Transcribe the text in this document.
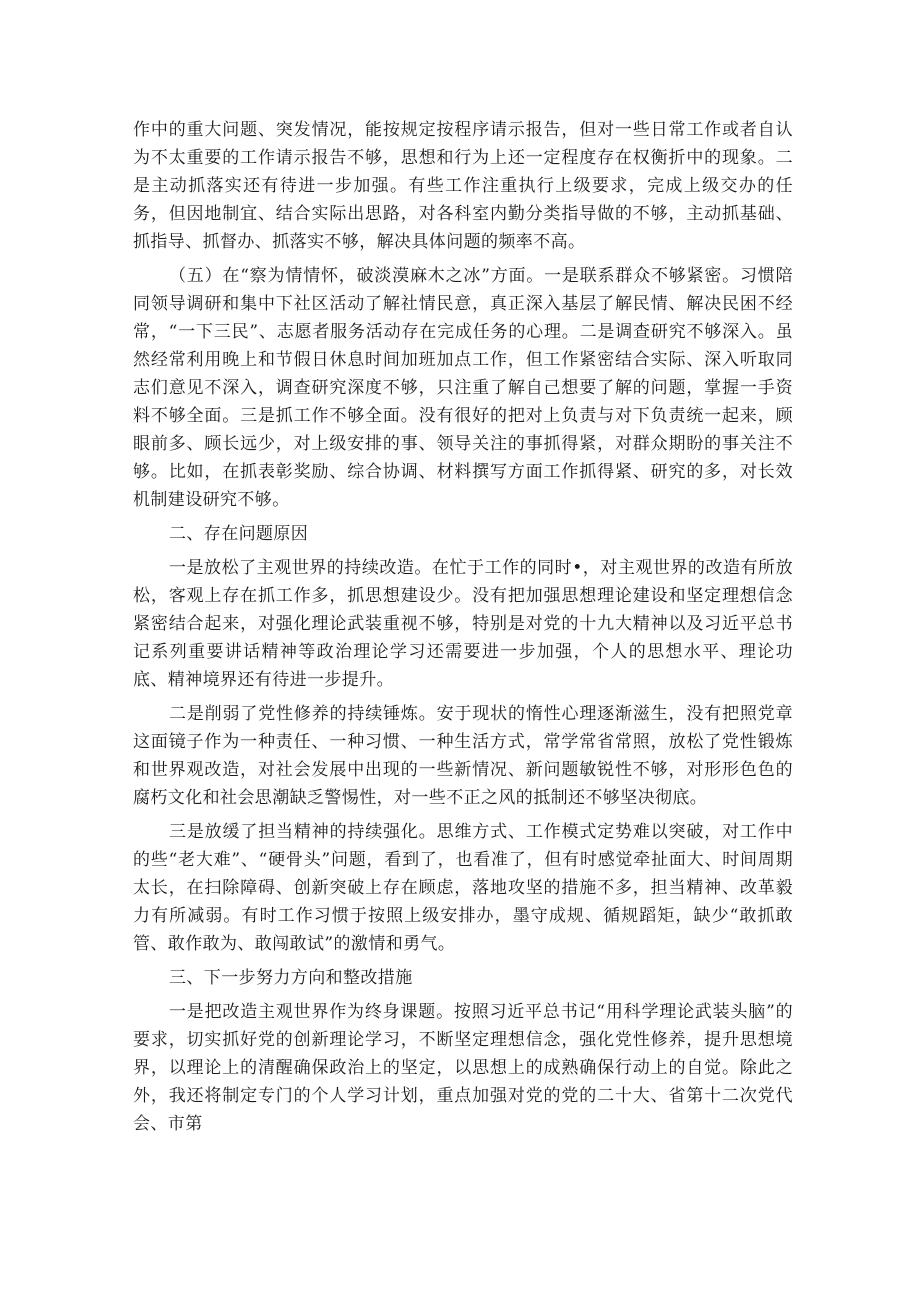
作中的重大问题、突发情况，能按规定按程序请示报告，但对一些日常工作或者自认为不太重要的工作请示报告不够，思想和行为上还一定程度存在权衡折中的现象。二是主动抓落实还有待进一步加强。有些工作注重执行上级要求，完成上级交办的任务，但因地制宜、结合实际出思路，对各科室内勤分类指导做的不够，主动抓基础、抓指导、抓督办、抓落实不够，解决具体问题的频率不高。

（五）在“察为情情怀，破淡漠麻木之冰”方面。一是联系群众不够紧密。习惯陪同领导调研和集中下社区活动了解社情民意，真正深入基层了解民情、解决民困不经常，“一下三民”、志愿者服务活动存在完成任务的心理。二是调查研究不够深入。虽然经常利用晚上和节假日休息时间加班加点工作，但工作紧密结合实际、深入听取同志们意见不深入，调查研究深度不够，只注重了解自己想要了解的问题，掌握一手资料不够全面。三是抓工作不够全面。没有很好的把对上负责与对下负责统一起来，顾眼前多、顾长远少，对上级安排的事、领导关注的事抓得紧，对群众期盼的事关注不够。比如，在抓表彰奖励、综合协调、材料撰写方面工作抓得紧、研究的多，对长效机制建设研究不够。

二、存在问题原因

一是放松了主观世界的持续改造。在忙于工作的同时•，对主观世界的改造有所放松，客观上存在抓工作多，抓思想建设少。没有把加强思想理论建设和坚定理想信念紧密结合起来，对强化理论武装重视不够，特别是对党的十九大精神以及习近平总书记系列重要讲话精神等政治理论学习还需要进一步加强，个人的思想水平、理论功底、精神境界还有待进一步提升。

二是削弱了党性修养的持续锤炼。安于现状的惰性心理逐渐滋生，没有把照党章这面镜子作为一种责任、一种习惯、一种生活方式，常学常省常照，放松了党性锻炼和世界观改造，对社会发展中出现的一些新情况、新问题敏锐性不够，对形形色色的腐朽文化和社会思潮缺乏警惕性，对一些不正之风的抵制还不够坚决彻底。

三是放缓了担当精神的持续强化。思维方式、工作模式定势难以突破，对工作中的些“老大难”、“硬骨头”问题，看到了，也看准了，但有时感觉牵扯面大、时间周期太长，在扫除障碍、创新突破上存在顾虑，落地攻坚的措施不多，担当精神、改革毅力有所减弱。有时工作习惯于按照上级安排办，墨守成规、循规蹈矩，缺少“敢抓敢管、敢作敢为、敢闯敢试”的激情和勇气。

三、下一步努力方向和整改措施

一是把改造主观世界作为终身课题。按照习近平总书记“用科学理论武装头脑”的要求，切实抓好党的创新理论学习，不断坚定理想信念，强化党性修养，提升思想境界，以理论上的清醒确保政治上的坚定，以思想上的成熟确保行动上的自觉。除此之外，我还将制定专门的个人学习计划，重点加强对党的党的二十大、省第十二次党代会、市第
